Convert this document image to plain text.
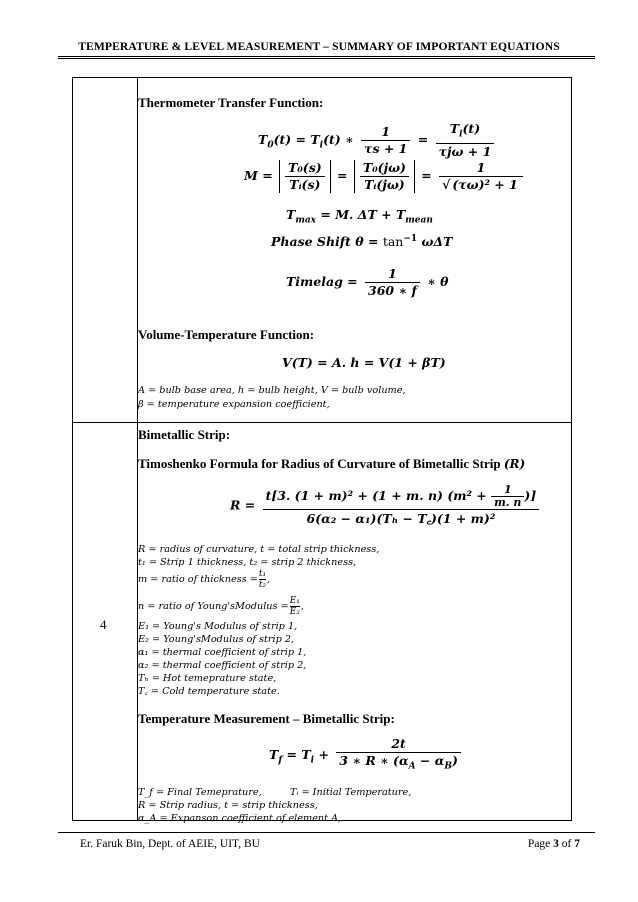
TEMPERATURE & LEVEL MEASUREMENT – SUMMARY OF IMPORTANT EQUATIONS
4
Thermometer Transfer Function:
$T_0(t) = T_i(t)$ ∗ $\frac{1}{\tau s + 1} = \frac{T_i(t)}{\text{τjω + 1}}$
$M = \frac{\text{T₀(s)}}{\text{Tᵢ(s)}} = \frac{\text{T₀(jω)}}{\text{Tᵢ(jω)}} = \frac{1}{\text{√ (τω)² + 1}}$
$T_{max} = M$. $\Delta T + T_{mean}$
Phase Shift $\theta = \tan^{-1} \omega\Delta T$
Timelag = $\frac{1}{360 ∗ f}$ ∗ θ
Volume-Temperature Function:
V(T) = A. h = V(1 + βT)
A = bulb base area, h = bulb height, V = bulb volume,
β = temperature expansion coefficient,
Bimetallic Strip:
Timoshenko Formula for Radius of Curvature of Bimetallic Strip (R)
$R = \frac{t[3. (1 + m)^2 + (1 + m. n) (m^2 + \frac{1}{m. n} )]}{\text{6(α₂ − α₁)(Tₕ − T꜀)(1 + m)²}}$
R = radius of curvature, t = total strip thickness,
t₁ = Strip 1 thickness, t₂ = strip 2 thickness,
m = ratio of thickness = $\frac{\text{t₁}}{\text{t₂}}$ ,
n = ratio of Young'sModulus = $\frac{\text{E₁}}{\text{E₂}}$ ,
E₁ = Young's Modulus of strip 1,
E₂ = Young'sModulus of strip 2,
α₁ = thermal coefficient of strip 1,
α₂ = thermal coefficient of strip 2,
Tₕ = Hot temeprature state,
T꜀ = Cold temperature state.
Temperature Measurement – Bimetallic Strip:
$T_f = T_i + \frac{2t}{3 ∗ R ∗ (\alpha_A - \alpha_B)}$
T_f = Final Temeprature,	Tᵢ = Initial Temperature,
R = Strip radius, t = strip thickness,
α_A = Expanson coefficient of element A,
Er. Faruk Bin, Dept. of AEIE, UIT, BU	Page 3 of 7
